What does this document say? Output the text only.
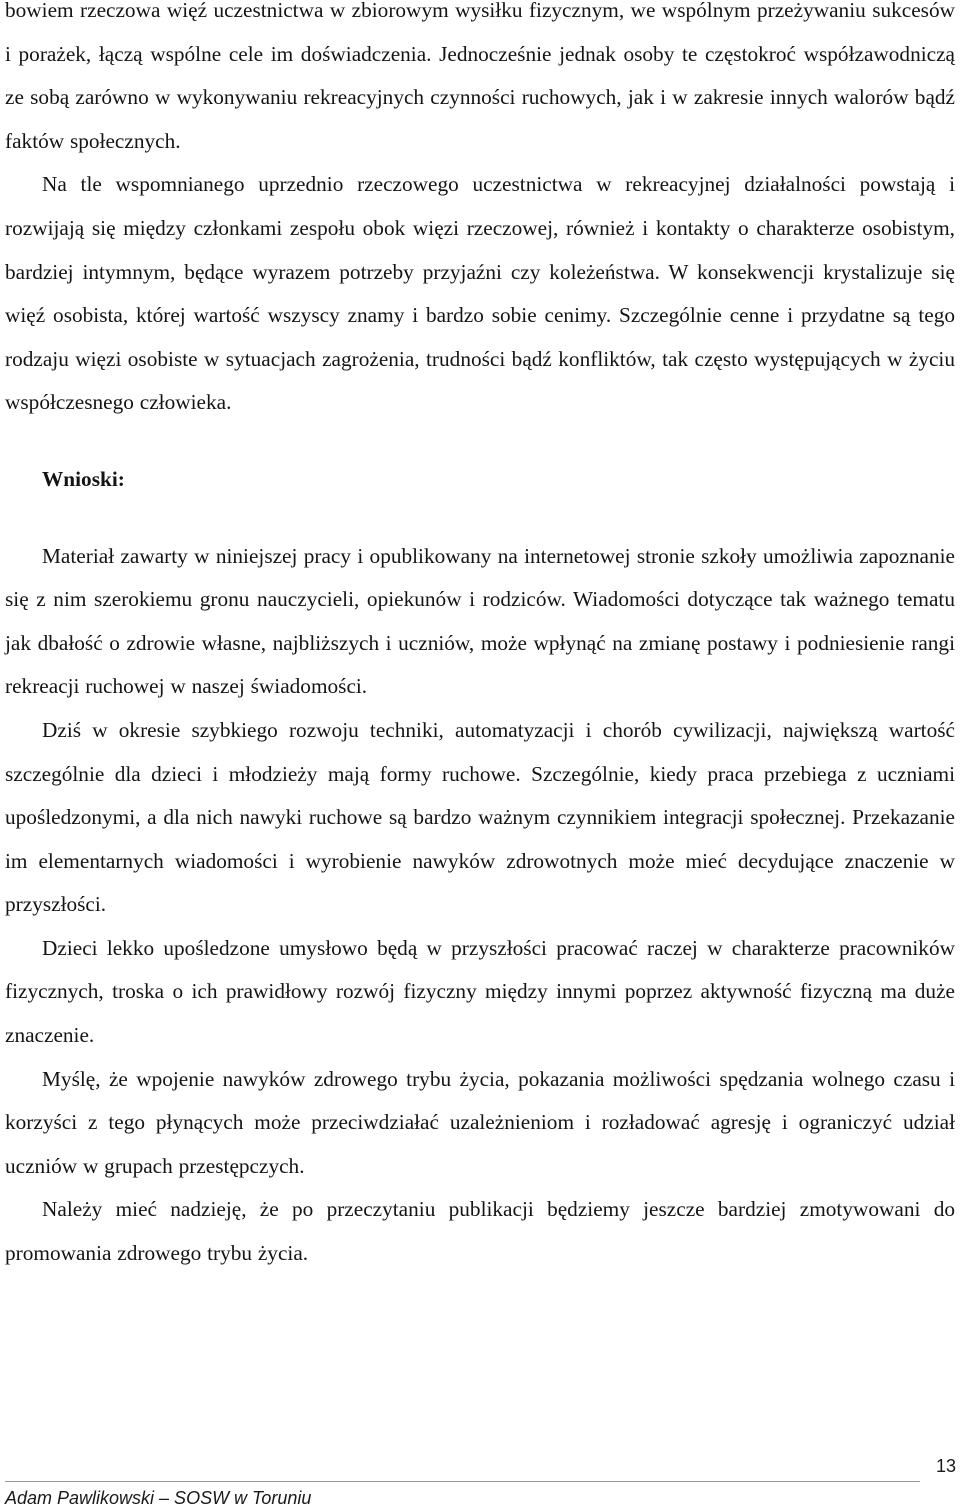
bowiem rzeczowa więź uczestnictwa w zbiorowym wysiłku fizycznym, we wspólnym przeżywaniu sukcesów i porażek, łączą wspólne cele im doświadczenia. Jednocześnie jednak osoby te częstokroć współzawodniczą ze sobą zarówno w wykonywaniu rekreacyjnych czynności ruchowych, jak i w zakresie innych walorów bądź faktów społecznych.

Na tle wspomnianego uprzednio rzeczowego uczestnictwa w rekreacyjnej działalności powstają i rozwijają się między członkami zespołu obok więzi rzeczowej, również i kontakty o charakterze osobistym, bardziej intymnym, będące wyrazem potrzeby przyjaźni czy koleżeństwa. W konsekwencji krystalizuje się więź osobista, której wartość wszyscy znamy i bardzo sobie cenimy. Szczególnie cenne i przydatne są tego rodzaju więzi osobiste w sytuacjach zagrożenia, trudności bądź konfliktów, tak często występujących w życiu współczesnego człowieka.

Wnioski:

Materiał zawarty w niniejszej pracy i opublikowany na internetowej stronie szkoły umożliwia zapoznanie się z nim szerokiemu gronu nauczycieli, opiekunów i rodziców. Wiadomości dotyczące tak ważnego tematu jak dbałość o zdrowie własne, najbliższych i uczniów, może wpłynąć na zmianę postawy i podniesienie rangi rekreacji ruchowej w naszej świadomości.

Dziś w okresie szybkiego rozwoju techniki, automatyzacji i chorób cywilizacji, największą wartość szczególnie dla dzieci i młodzieży mają formy ruchowe. Szczególnie, kiedy praca przebiega z uczniami upośledzonymi, a dla nich nawyki ruchowe są bardzo ważnym czynnikiem integracji społecznej. Przekazanie im elementarnych wiadomości i wyrobienie nawyków zdrowotnych może mieć decydujące znaczenie w przyszłości.

Dzieci lekko upośledzone umysłowo będą w przyszłości pracować raczej w charakterze pracowników fizycznych, troska o ich prawidłowy rozwój fizyczny między innymi poprzez aktywność fizyczną ma duże znaczenie.

Myślę, że wpojenie nawyków zdrowego trybu życia, pokazania możliwości spędzania wolnego czasu i korzyści z tego płynących może przeciwdziałać uzależnieniom i rozładować agresję i ograniczyć udział uczniów w grupach przestępczych.

Należy mieć nadzieję, że po przeczytaniu publikacji będziemy jeszcze bardziej zmotywowani do promowania zdrowego trybu życia.

13
Adam Pawlikowski – SOSW w Toruniu
